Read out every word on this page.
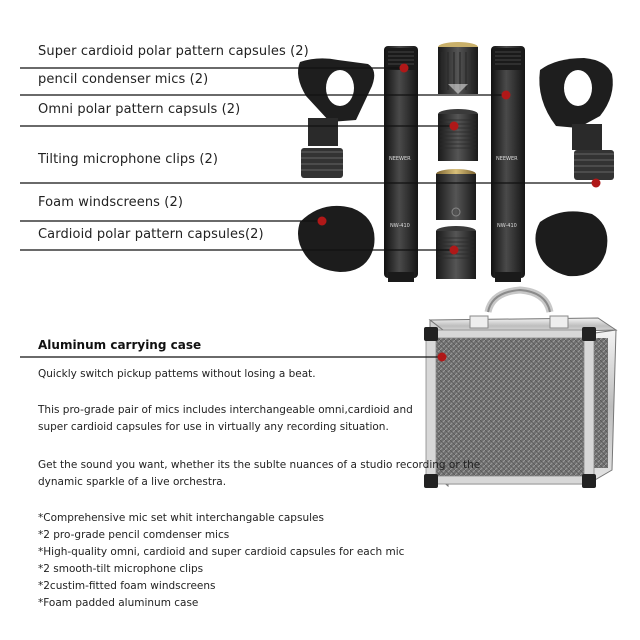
NEEWER
NW-410
NEEWER
NW-410
Super cardioid polar pattern capsules (2)
pencil condenser mics (2)
Omni polar pattern capsuls (2)
Tilting microphone clips (2)
Foam windscreens (2)
Cardioid polar pattern capsules(2)
Aluminum carrying case
Quickly switch pickup pattems without losing a beat.
This pro-grade pair of mics includes interchangeable omni,cardioid and
super cardioid capsules for use in virtually any recording situation.
Get the sound you want, whether its the sublte nuances of a studio recording or the
dynamic sparkle of a live orchestra.
*Comprehensive mic set whit interchangable capsules
*2 pro-grade pencil comdenser mics
*High-quality omni, cardioid and super cardioid capsules for each mic
*2 smooth-tilt microphone clips
*2custim-fitted foam windscreens
*Foam padded aluminum case
